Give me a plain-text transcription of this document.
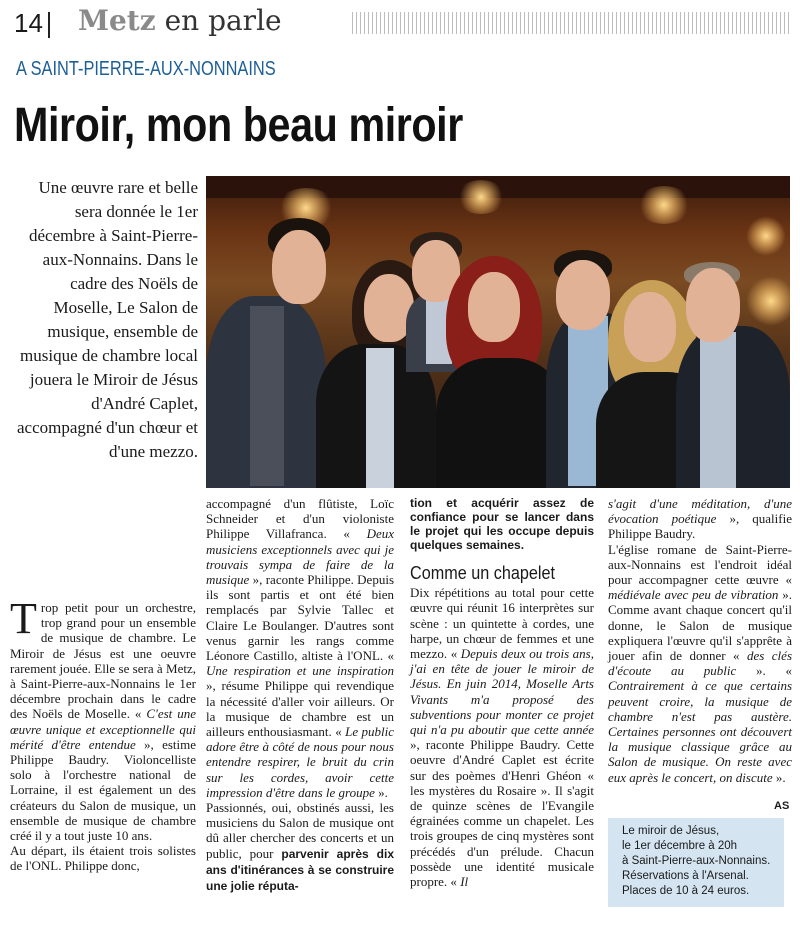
14 Metz en parle
A SAINT-PIERRE-AUX-NONNAINS
Miroir, mon beau miroir
Une œuvre rare et belle sera donnée le 1er décembre à Saint-Pierre-aux-Nonnains. Dans le cadre des Noëls de Moselle, Le Salon de musique, ensemble de musique de chambre local jouera le Miroir de Jésus d'André Caplet, accompagné d'un chœur et d'une mezzo.

Trop petit pour un orchestre, trop grand pour un ensemble de musique de chambre. Le Miroir de Jésus est une oeuvre rarement jouée. Elle se sera à Metz, à Saint-Pierre-aux-Nonnains le 1er décembre prochain dans le cadre des Noëls de Moselle. « C'est une œuvre unique et exceptionnelle qui mérité d'être entendue », estime Philippe Baudry. Violoncelliste solo à l'orchestre national de Lorraine, il est également un des créateurs du Salon de musique, un ensemble de musique de chambre créé il y a tout juste 10 ans.

Au départ, ils étaient trois solistes de l'ONL. Philippe donc,

accompagné d'un flûtiste, Loïc Schneider et d'un violoniste Philippe Villafranca. « Deux musiciens exceptionnels avec qui je trouvais sympa de faire de la musique », raconte Philippe. Depuis ils sont partis et ont été bien remplacés par Sylvie Tallec et Claire Le Boulanger. D'autres sont venus garnir les rangs comme Léonore Castillo, altiste à l'ONL. « Une respiration et une inspiration », résume Philippe qui revendique la nécessité d'aller voir ailleurs. Or la musique de chambre est un ailleurs enthousiasmant. « Le public adore être à côté de nous pour nous entendre respirer, le bruit du crin sur les cordes, avoir cette impression d'être dans le groupe ».

Passionnés, oui, obstinés aussi, les musiciens du Salon de musique ont dû aller chercher des concerts et un public, pour parvenir après dix ans d'itinérances à se construire une jolie réputa-

tion et acquérir assez de confiance pour se lancer dans le projet qui les occupe depuis quelques semaines.

Comme un chapelet

Dix répétitions au total pour cette œuvre qui réunit 16 interprètes sur scène : un quintette à cordes, une harpe, un chœur de femmes et une mezzo. « Depuis deux ou trois ans, j'ai en tête de jouer le miroir de Jésus. En juin 2014, Moselle Arts Vivants m'a proposé des subventions pour monter ce projet qui n'a pu aboutir que cette année », raconte Philippe Baudry. Cette oeuvre d'André Caplet est écrite sur des poèmes d'Henri Ghéon « les mystères du Rosaire ». Il s'agit de quinze scènes de l'Evangile égrainées comme un chapelet. Les trois groupes de cinq mystères sont précédés d'un prélude. Chacun possède une identité musicale propre. « Il

s'agit d'une méditation, d'une évocation poétique », qualifie Philippe Baudry.

L'église romane de Saint-Pierre-aux-Nonnains est l'endroit idéal pour accompagner cette œuvre « médiévale avec peu de vibration ». Comme avant chaque concert qu'il donne, le Salon de musique expliquera l'œuvre qu'il s'apprête à jouer afin de donner « des clés d'écoute au public ». « Contrairement à ce que certains peuvent croire, la musique de chambre n'est pas austère. Certaines personnes ont découvert la musique classique grâce au Salon de musique. On reste avec eux après le concert, on discute ».

AS
Le miroir de Jésus,
le 1er décembre à 20h
à Saint-Pierre-aux-Nonnains.
Réservations à l'Arsenal.
Places de 10 à 24 euros.
